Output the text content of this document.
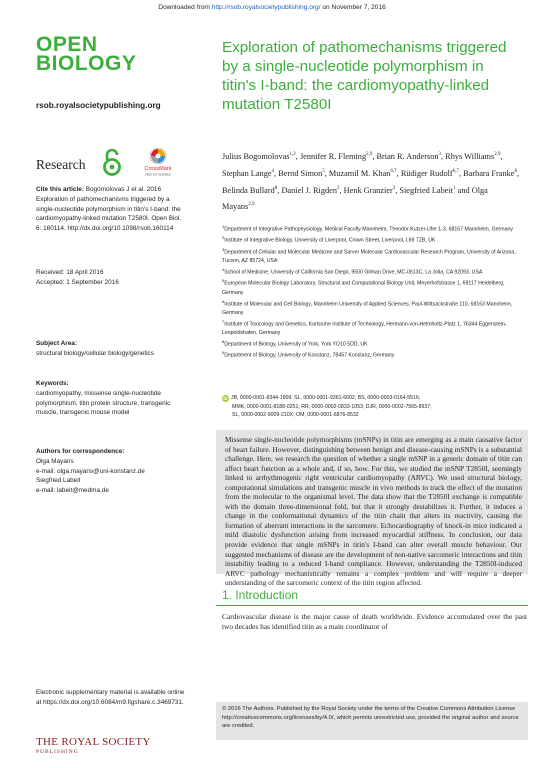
Downloaded from http://rsob.royalsocietypublishing.org/ on November 7, 2016
OPEN
BIOLOGY
rsob.royalsocietypublishing.org
Research	CrossMark
click for updates
Cite this article: Bogomolovas J et al. 2016 Exploration of pathomechanisms triggered by a single-nucleotide polymorphism in titin's I-band: the cardiomyopathy-linked mutation T2580I. Open Biol. 6: 160114. http://dx.doi.org/10.1098/rsob.160114
Received: 18 April 2016
Accepted: 1 September 2016
Subject Area:
structural biology/cellular biology/genetics
Keywords:
cardiomyopathy, missense single-nucleotide polymorphism, titin protein structure, transgenic muscle, transgenic mouse model
Authors for correspondence:
Olga Mayans
e-mail: olga.mayans@uni-konstanz.de
Siegfried Labeit
e-mail: labeit@medma.de
Electronic supplementary material is available online at https://dx.doi.org/10.6084/m9.figshare.c.3469731.
THE ROYAL SOCIETY
PUBLISHING
Exploration of pathomechanisms triggered by a single-nucleotide polymorphism in titin's I-band: the cardiomyopathy-linked mutation T2580I
Julius Bogomolovas$^{1,2}$, Jennifer R. Fleming$^{2,9}$, Brian R. Anderson$^3$, Rhys Williams$^{2,9}$, Stephan Lange$^4$, Bernd Simon$^5$, Muzamil M. Khan$^{6,7}$, Rüdiger Rudolf$^{6,7}$, Barbara Franke$^8$, Belinda Bullard$^8$, Daniel J. Rigden$^2$, Henk Granzier$^3$, Siegfried Labeit$^1$ and Olga Mayans$^{2,9}$
$^1$Department of Integrative Pathophysiology, Medical Faculty Mannheim, Theodor-Kutzer-Ufer 1-3, 68167 Mannheim, Germany
$^2$Institute of Integrative Biology, University of Liverpool, Crown Street, Liverpool, L69 7ZB, UK
$^3$Department of Cellular and Molecular Medicine and Sarver Molecular Cardiovascular Research Program, University of Arizona, Tucson, AZ 85724, USA
$^4$School of Medicine, University of California San Diego, 9500 Gilman Drive, MC-0613C, La Jolla, CA 92093, USA
$^5$European Molecular Biology Laboratory, Structural and Computational Biology Unit, Meyerhofstrasse 1, 69117 Heidelberg, Germany
$^6$Institute of Molecular and Cell Biology, Mannheim University of Applied Sciences, Paul-Wittsackstraße 110, 68163 Mannheim, Germany
$^7$Institute of Toxicology and Genetics, Karlsruhe Institute of Technology, Hermann-von-Helmholtz-Platz 1, 76344 Eggenstein-Leopoldshafen, Germany
$^8$Department of Biology, University of York, York YO10 5DD, UK
$^9$Department of Biology, University of Konstanz, 78457 Konstanz, Germany
iD JB, 0000-0001-8344-1909; SL, 0000-0001-9361-6602; BS, 0000-0003-0164-5516;
MMK, 0000-0001-8188-0251; RR, 0000-0002-0833-1053; DJR, 0000-0002-7565-8937;
SL, 0000-0002-9009-210X; OM, 0000-0001-6876-8532
Missense single-nucleotide polymorphisms (mSNPs) in titin are emerging as a main causative factor of heart failure. However, distinguishing between benign and disease-causing mSNPs is a substantial challenge. Here, we research the question of whether a single mSNP in a generic domain of titin can affect heart function as a whole and, if so, how. For this, we studied the mSNP T2850I, seemingly linked to arrhythmogenic right ventricular cardiomyopathy (ARVC). We used structural biology, computational simulations and transgenic muscle in vivo methods to track the effect of the mutation from the molecular to the organismal level. The data show that the T2850I exchange is compatible with the domain three-dimensional fold, but that it strongly destabilizes it. Further, it induces a change in the conformational dynamics of the titin chain that alters its reactivity, causing the formation of aberrant interactions in the sarcomere. Echocardiography of knock-in mice indicated a mild diastolic dysfunction arising from increased myocardial stiffness. In conclusion, our data provide evidence that single mSNPs in titin's I-band can alter overall muscle behaviour. Our suggested mechanisms of disease are the development of non-native sarcomeric interactions and titin instability leading to a reduced I-band compliance. However, understanding the T2850I-induced ARVC pathology mechanistically remains a complex problem and will require a deeper understanding of the sarcomeric context of the titin region affected.
1. Introduction
Cardiovascular disease is the major cause of death worldwide. Evidence accumulated over the past two decades has identified titin as a main coordinator of
© 2016 The Authors. Published by the Royal Society under the terms of the Creative Commons Attribution License http://creativecommons.org/licenses/by/4.0/, which permits unrestricted use, provided the original author and source are credited.
